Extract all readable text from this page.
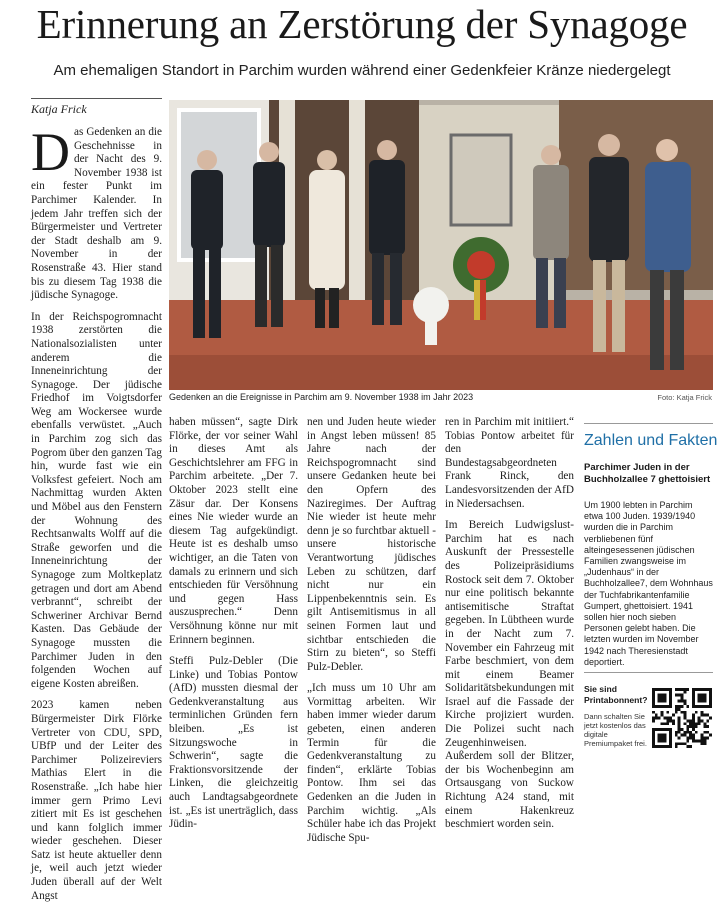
Erinnerung an Zerstörung der Synagoge
Am ehemaligen Standort in Parchim wurden während einer Gedenkfeier Kränze niedergelegt
Katja Frick

Das Gedenken an die Geschehnisse in der Nacht des 9. November 1938 ist ein fester Punkt im Parchimer Kalender. In jedem Jahr treffen sich der Bürgermeister und Vertreter der Stadt deshalb am 9. November in der Rosenstraße 43. Hier stand bis zu diesem Tag 1938 die jüdische Synagoge.

In der Reichspogromnacht 1938 zerstörten die Nationalsozialisten unter anderem die Inneneinrichtung der Synagoge. Der jüdische Friedhof im Voigtsdorfer Weg am Wockersee wurde ebenfalls verwüstet. „Auch in Parchim zog sich das Pogrom über den ganzen Tag hin, wurde fast wie ein Volksfest gefeiert. Noch am Nachmittag wurden Akten und Möbel aus den Fenstern der Wohnung des Rechtsanwalts Wolff auf die Straße geworfen und die Inneneinrichtung der Synagoge zum Moltkeplatz getragen und dort am Abend verbrannt“, schreibt der Schweriner Archivar Bernd Kasten. Das Gebäude der Synagoge mussten die Parchimer Juden in den folgenden Wochen auf eigene Kosten abreißen.

2023 kamen neben Bürgermeister Dirk Flörke Vertreter von CDU, SPD, UBfP und der Leiter des Parchimer Polizeireviers Mathias Elert in die Rosenstraße. „Ich habe hier immer gern Primo Levi zitiert mit Es ist geschehen und kann folglich immer wieder geschehen. Dieser Satz ist heute aktueller denn je, weil auch jetzt wieder Juden überall auf der Welt Angst

Gedenken an die Ereignisse in Parchim am 9. November 1938 im Jahr 2023	Foto: Katja Frick

haben müssen“, sagte Dirk Flörke, der vor seiner Wahl in dieses Amt als Geschichtslehrer am FFG in Parchim arbeitete. „Der 7. Oktober 2023 stellt eine Zäsur dar. Der Konsens eines Nie wieder wurde an diesem Tag aufgekündigt. Heute ist es deshalb umso wichtiger, an die Taten von damals zu erinnern und sich entschieden für Versöhnung und gegen Hass auszusprechen.“ Denn Versöhnung könne nur mit Erinnern beginnen.

Steffi Pulz-Debler (Die Linke) und Tobias Pontow (AfD) mussten diesmal der Gedenkveranstaltung aus terminlichen Gründen fern bleiben. „Es ist Sitzungswoche in Schwerin“, sagte die Fraktionsvorsitzende der Linken, die gleichzeitig auch Landtagsabgeordnete ist. „Es ist unerträglich, dass Jüdin-

nen und Juden heute wieder in Angst leben müssen! 85 Jahre nach der Reichspogromnacht sind unsere Gedanken heute bei den Opfern des Naziregimes. Der Auftrag Nie wieder ist heute mehr denn je so furchtbar aktuell - unsere historische Verantwortung jüdisches Leben zu schützen, darf nicht nur ein Lippenbekenntnis sein. Es gilt Antisemitismus in all seinen Formen laut und sichtbar entschieden die Stirn zu bieten“, so Steffi Pulz-Debler.

„Ich muss um 10 Uhr am Vormittag arbeiten. Wir haben immer wieder darum gebeten, einen anderen Termin für die Gedenkveranstaltung zu finden“, erklärte Tobias Pontow. Ihm sei das Gedenken an die Juden in Parchim wichtig. „Als Schüler habe ich das Projekt Jüdische Spu-

ren in Parchim mit initiiert.“ Tobias Pontow arbeitet für den Bundestagsabgeordneten Frank Rinck, den Landesvorsitzenden der AfD in Niedersachsen.

Im Bereich Ludwigslust-Parchim hat es nach Auskunft der Pressestelle des Polizeipräsidiums Rostock seit dem 7. Oktober nur eine politisch bekannte antisemitische Straftat gegeben. In Lübtheen wurde in der Nacht zum 7. November ein Fahrzeug mit Farbe beschmiert, von dem mit einem Beamer Solidaritätsbekundungen mit Israel auf die Fassade der Kirche projiziert wurden. Die Polizei sucht nach Zeugenhinweisen. Außerdem soll der Blitzer, der bis Wochenbeginn am Ortsausgang von Suckow Richtung A24 stand, mit einem Hakenkreuz beschmiert worden sein.

Zahlen und Fakten
Parchimer Juden in der Buchholzallee 7 ghettoisiert
Um 1900 lebten in Parchim etwa 100 Juden. 1939/1940 wurden die in Parchim verbliebenen fünf alteingesessenen jüdischen Familien zwangsweise im „Judenhaus“ in der Buchholzallee7, dem Wohnhaus der Tuchfabrikantenfamilie Gumpert, ghettoisiert. 1941 sollen hier noch sieben Personen gelebt haben. Die letzten wurden im November 1942 nach Theresienstadt deportiert.
Sie sind Printabonnent?
Dann schalten Sie jetzt kostenlos das digitale Premiumpaket frei.
